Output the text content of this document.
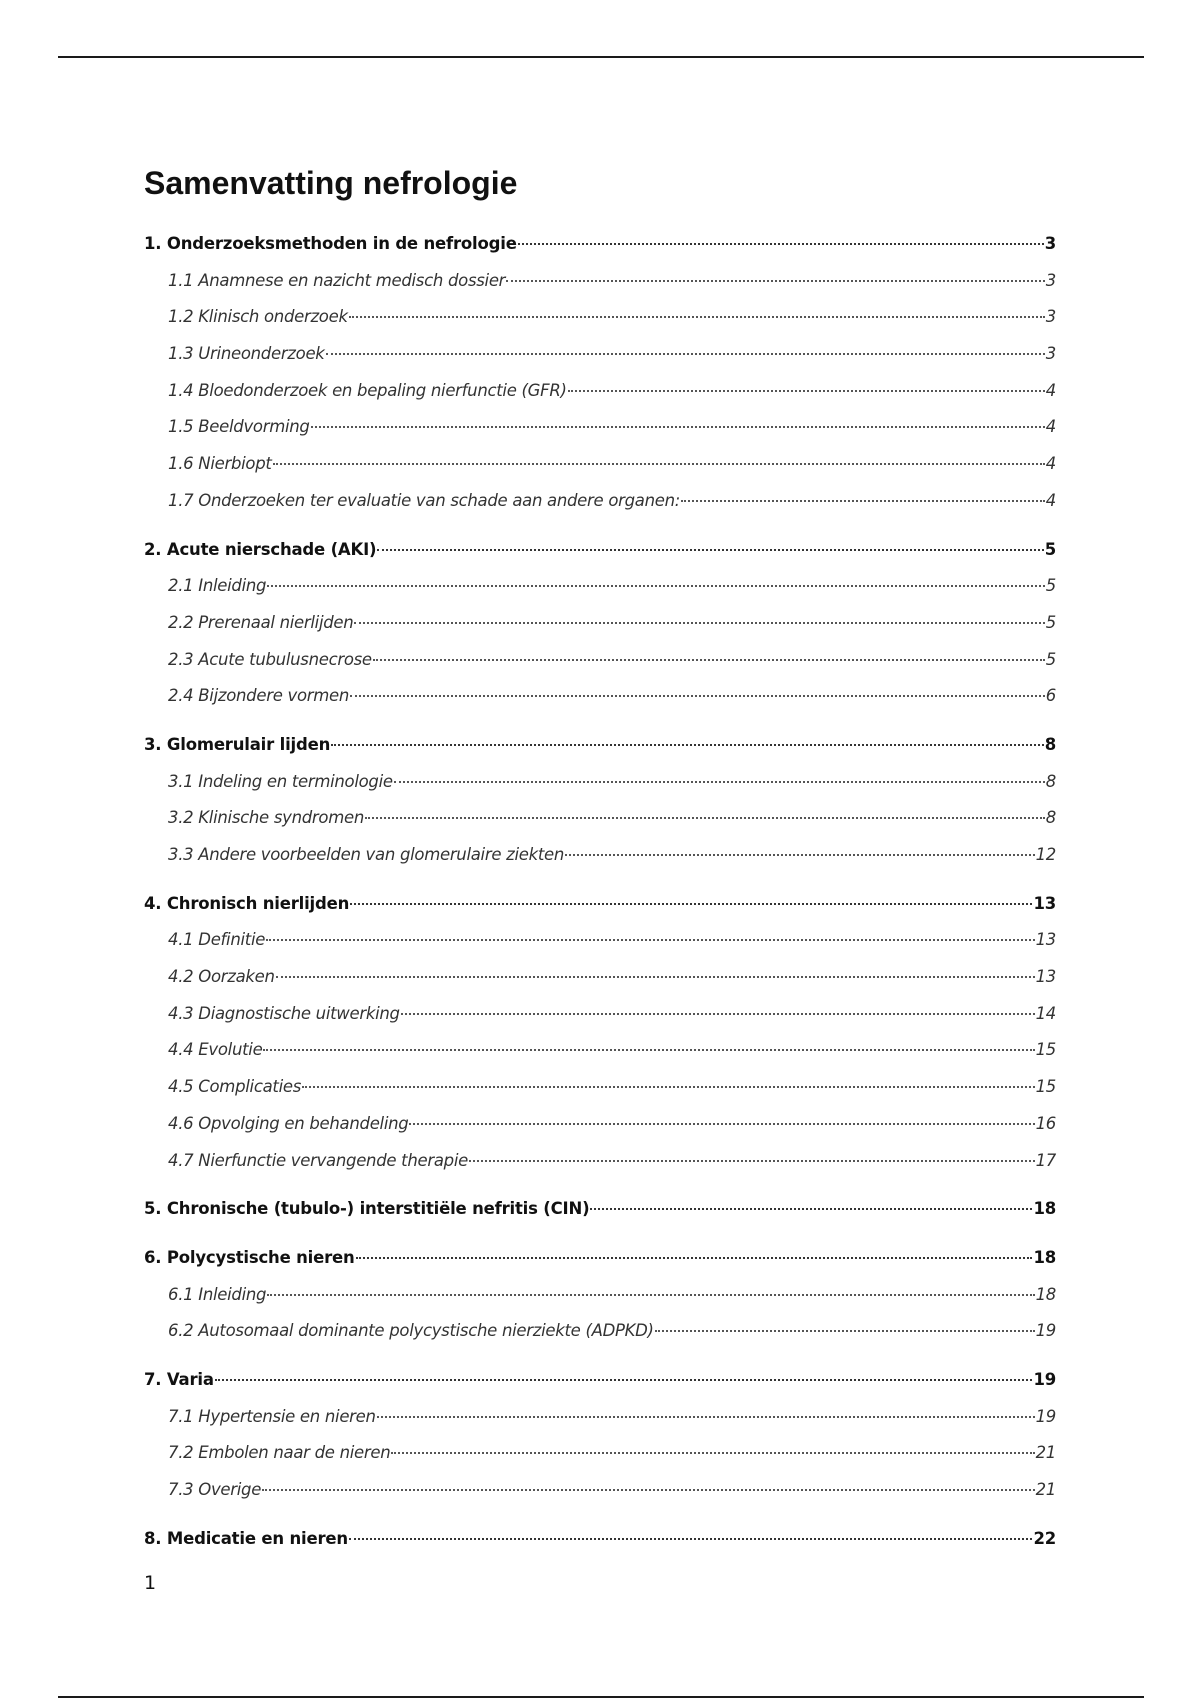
Samenvatting nefrologie
1. Onderzoeksmethoden in de nefrologie	3
1.1 Anamnese en nazicht medisch dossier	3
1.2 Klinisch onderzoek	3
1.3 Urineonderzoek	3
1.4 Bloedonderzoek en bepaling nierfunctie (GFR)	4
1.5 Beeldvorming	4
1.6 Nierbiopt	4
1.7 Onderzoeken ter evaluatie van schade aan andere organen:	4
2. Acute nierschade (AKI)	5
2.1 Inleiding	5
2.2 Prerenaal nierlijden	5
2.3 Acute tubulusnecrose	5
2.4 Bijzondere vormen	6
3. Glomerulair lijden	8
3.1 Indeling en terminologie	8
3.2 Klinische syndromen	8
3.3 Andere voorbeelden van glomerulaire ziekten	12
4. Chronisch nierlijden	13
4.1 Definitie	13
4.2 Oorzaken	13
4.3 Diagnostische uitwerking	14
4.4 Evolutie	15
4.5 Complicaties	15
4.6 Opvolging en behandeling	16
4.7 Nierfunctie vervangende therapie	17
5. Chronische (tubulo-) interstitiële nefritis (CIN)	18
6. Polycystische nieren	18
6.1 Inleiding	18
6.2 Autosomaal dominante polycystische nierziekte (ADPKD)	19
7. Varia	19
7.1 Hypertensie en nieren	19
7.2 Embolen naar de nieren	21
7.3 Overige	21
8. Medicatie en nieren	22
1
